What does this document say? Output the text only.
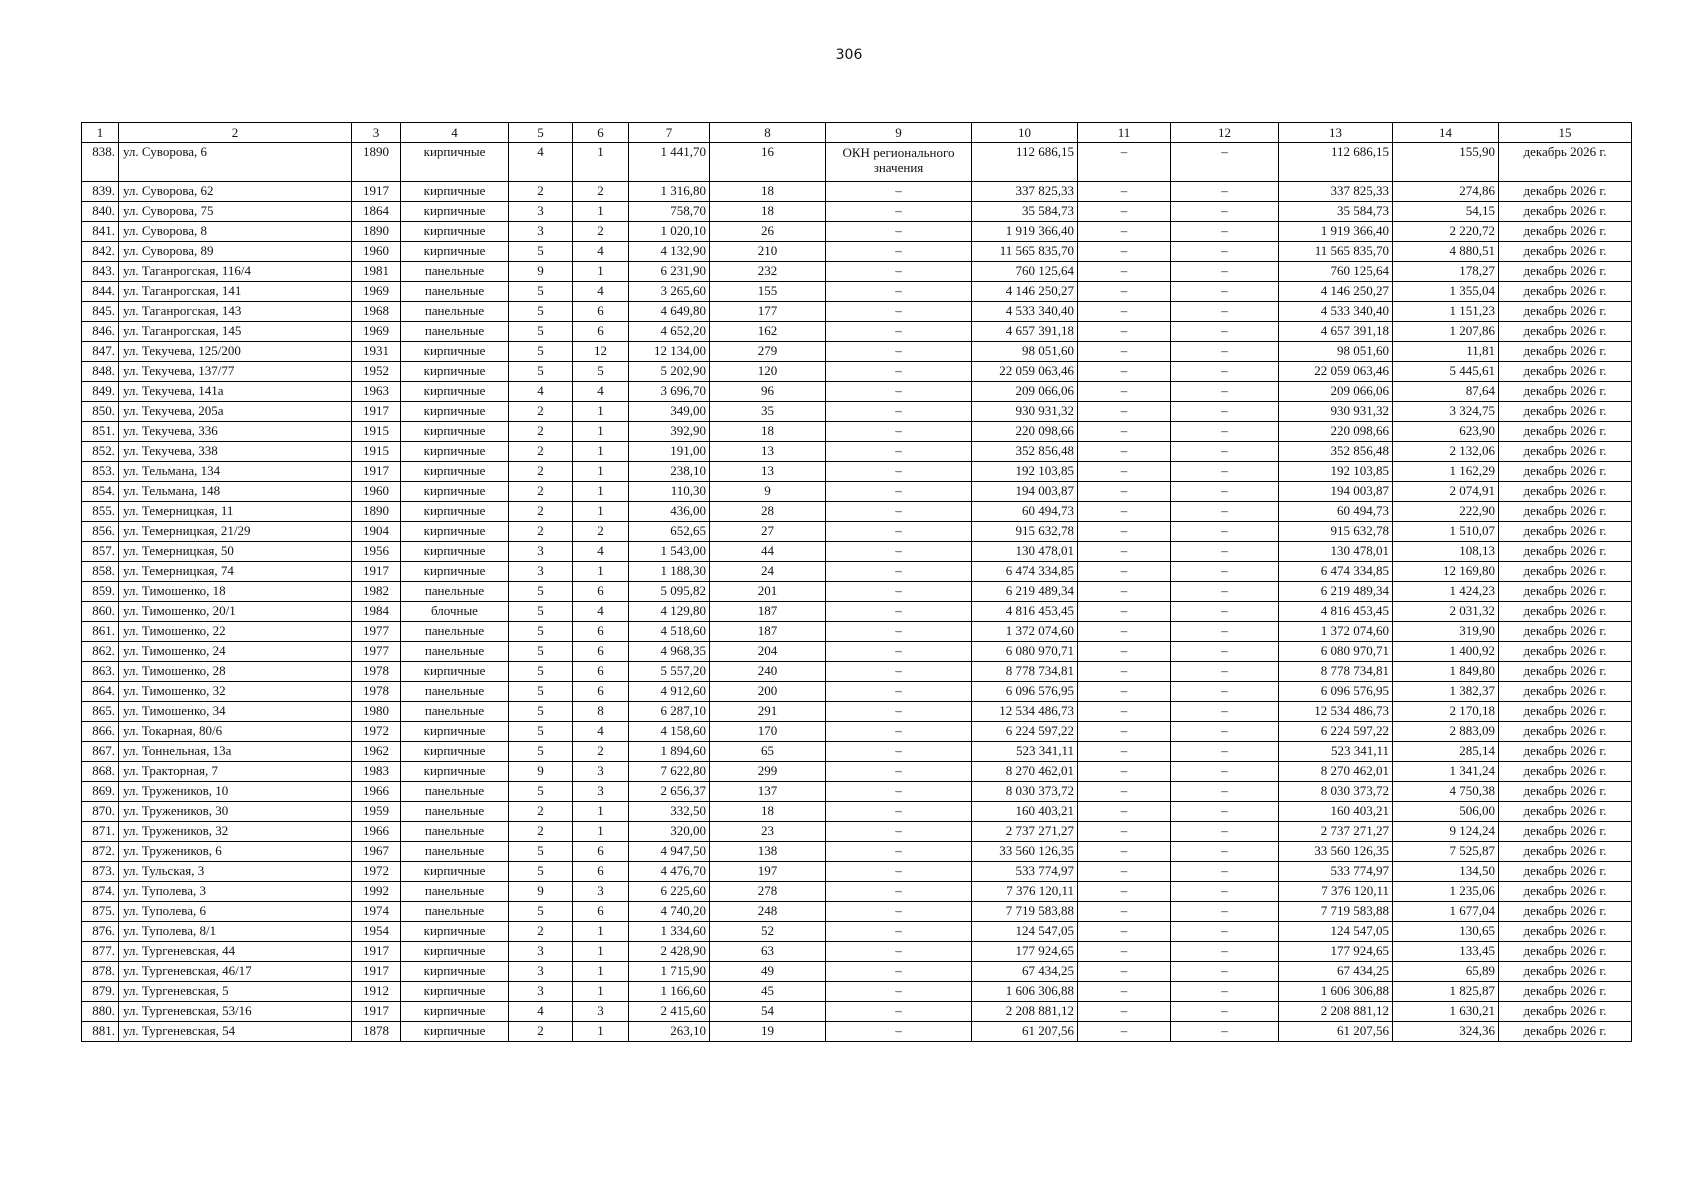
306
1	2	3	4	5	6	7	8	9	10	11	12	13	14	15
838.	ул. Суворова, 6	1890	кирпичные	4	1	1 441,70	16	ОКН регионального значения	112 686,15	–	–	112 686,15	155,90	декабрь 2026 г.
839.	ул. Суворова, 62	1917	кирпичные	2	2	1 316,80	18	–	337 825,33	–	–	337 825,33	274,86	декабрь 2026 г.
840.	ул. Суворова, 75	1864	кирпичные	3	1	758,70	18	–	35 584,73	–	–	35 584,73	54,15	декабрь 2026 г.
841.	ул. Суворова, 8	1890	кирпичные	3	2	1 020,10	26	–	1 919 366,40	–	–	1 919 366,40	2 220,72	декабрь 2026 г.
842.	ул. Суворова, 89	1960	кирпичные	5	4	4 132,90	210	–	11 565 835,70	–	–	11 565 835,70	4 880,51	декабрь 2026 г.
843.	ул. Таганрогская, 116/4	1981	панельные	9	1	6 231,90	232	–	760 125,64	–	–	760 125,64	178,27	декабрь 2026 г.
844.	ул. Таганрогская, 141	1969	панельные	5	4	3 265,60	155	–	4 146 250,27	–	–	4 146 250,27	1 355,04	декабрь 2026 г.
845.	ул. Таганрогская, 143	1968	панельные	5	6	4 649,80	177	–	4 533 340,40	–	–	4 533 340,40	1 151,23	декабрь 2026 г.
846.	ул. Таганрогская, 145	1969	панельные	5	6	4 652,20	162	–	4 657 391,18	–	–	4 657 391,18	1 207,86	декабрь 2026 г.
847.	ул. Текучева, 125/200	1931	кирпичные	5	12	12 134,00	279	–	98 051,60	–	–	98 051,60	11,81	декабрь 2026 г.
848.	ул. Текучева, 137/77	1952	кирпичные	5	5	5 202,90	120	–	22 059 063,46	–	–	22 059 063,46	5 445,61	декабрь 2026 г.
849.	ул. Текучева, 141а	1963	кирпичные	4	4	3 696,70	96	–	209 066,06	–	–	209 066,06	87,64	декабрь 2026 г.
850.	ул. Текучева, 205а	1917	кирпичные	2	1	349,00	35	–	930 931,32	–	–	930 931,32	3 324,75	декабрь 2026 г.
851.	ул. Текучева, 336	1915	кирпичные	2	1	392,90	18	–	220 098,66	–	–	220 098,66	623,90	декабрь 2026 г.
852.	ул. Текучева, 338	1915	кирпичные	2	1	191,00	13	–	352 856,48	–	–	352 856,48	2 132,06	декабрь 2026 г.
853.	ул. Тельмана, 134	1917	кирпичные	2	1	238,10	13	–	192 103,85	–	–	192 103,85	1 162,29	декабрь 2026 г.
854.	ул. Тельмана, 148	1960	кирпичные	2	1	110,30	9	–	194 003,87	–	–	194 003,87	2 074,91	декабрь 2026 г.
855.	ул. Темерницкая, 11	1890	кирпичные	2	1	436,00	28	–	60 494,73	–	–	60 494,73	222,90	декабрь 2026 г.
856.	ул. Темерницкая, 21/29	1904	кирпичные	2	2	652,65	27	–	915 632,78	–	–	915 632,78	1 510,07	декабрь 2026 г.
857.	ул. Темерницкая, 50	1956	кирпичные	3	4	1 543,00	44	–	130 478,01	–	–	130 478,01	108,13	декабрь 2026 г.
858.	ул. Темерницкая, 74	1917	кирпичные	3	1	1 188,30	24	–	6 474 334,85	–	–	6 474 334,85	12 169,80	декабрь 2026 г.
859.	ул. Тимошенко, 18	1982	панельные	5	6	5 095,82	201	–	6 219 489,34	–	–	6 219 489,34	1 424,23	декабрь 2026 г.
860.	ул. Тимошенко, 20/1	1984	блочные	5	4	4 129,80	187	–	4 816 453,45	–	–	4 816 453,45	2 031,32	декабрь 2026 г.
861.	ул. Тимошенко, 22	1977	панельные	5	6	4 518,60	187	–	1 372 074,60	–	–	1 372 074,60	319,90	декабрь 2026 г.
862.	ул. Тимошенко, 24	1977	панельные	5	6	4 968,35	204	–	6 080 970,71	–	–	6 080 970,71	1 400,92	декабрь 2026 г.
863.	ул. Тимошенко, 28	1978	кирпичные	5	6	5 557,20	240	–	8 778 734,81	–	–	8 778 734,81	1 849,80	декабрь 2026 г.
864.	ул. Тимошенко, 32	1978	панельные	5	6	4 912,60	200	–	6 096 576,95	–	–	6 096 576,95	1 382,37	декабрь 2026 г.
865.	ул. Тимошенко, 34	1980	панельные	5	8	6 287,10	291	–	12 534 486,73	–	–	12 534 486,73	2 170,18	декабрь 2026 г.
866.	ул. Токарная, 80/6	1972	кирпичные	5	4	4 158,60	170	–	6 224 597,22	–	–	6 224 597,22	2 883,09	декабрь 2026 г.
867.	ул. Тоннельная, 13а	1962	кирпичные	5	2	1 894,60	65	–	523 341,11	–	–	523 341,11	285,14	декабрь 2026 г.
868.	ул. Тракторная, 7	1983	кирпичные	9	3	7 622,80	299	–	8 270 462,01	–	–	8 270 462,01	1 341,24	декабрь 2026 г.
869.	ул. Тружеников, 10	1966	панельные	5	3	2 656,37	137	–	8 030 373,72	–	–	8 030 373,72	4 750,38	декабрь 2026 г.
870.	ул. Тружеников, 30	1959	панельные	2	1	332,50	18	–	160 403,21	–	–	160 403,21	506,00	декабрь 2026 г.
871.	ул. Тружеников, 32	1966	панельные	2	1	320,00	23	–	2 737 271,27	–	–	2 737 271,27	9 124,24	декабрь 2026 г.
872.	ул. Тружеников, 6	1967	панельные	5	6	4 947,50	138	–	33 560 126,35	–	–	33 560 126,35	7 525,87	декабрь 2026 г.
873.	ул. Тульская, 3	1972	кирпичные	5	6	4 476,70	197	–	533 774,97	–	–	533 774,97	134,50	декабрь 2026 г.
874.	ул. Туполева, 3	1992	панельные	9	3	6 225,60	278	–	7 376 120,11	–	–	7 376 120,11	1 235,06	декабрь 2026 г.
875.	ул. Туполева, 6	1974	панельные	5	6	4 740,20	248	–	7 719 583,88	–	–	7 719 583,88	1 677,04	декабрь 2026 г.
876.	ул. Туполева, 8/1	1954	кирпичные	2	1	1 334,60	52	–	124 547,05	–	–	124 547,05	130,65	декабрь 2026 г.
877.	ул. Тургеневская, 44	1917	кирпичные	3	1	2 428,90	63	–	177 924,65	–	–	177 924,65	133,45	декабрь 2026 г.
878.	ул. Тургеневская, 46/17	1917	кирпичные	3	1	1 715,90	49	–	67 434,25	–	–	67 434,25	65,89	декабрь 2026 г.
879.	ул. Тургеневская, 5	1912	кирпичные	3	1	1 166,60	45	–	1 606 306,88	–	–	1 606 306,88	1 825,87	декабрь 2026 г.
880.	ул. Тургеневская, 53/16	1917	кирпичные	4	3	2 415,60	54	–	2 208 881,12	–	–	2 208 881,12	1 630,21	декабрь 2026 г.
881.	ул. Тургеневская, 54	1878	кирпичные	2	1	263,10	19	–	61 207,56	–	–	61 207,56	324,36	декабрь 2026 г.
